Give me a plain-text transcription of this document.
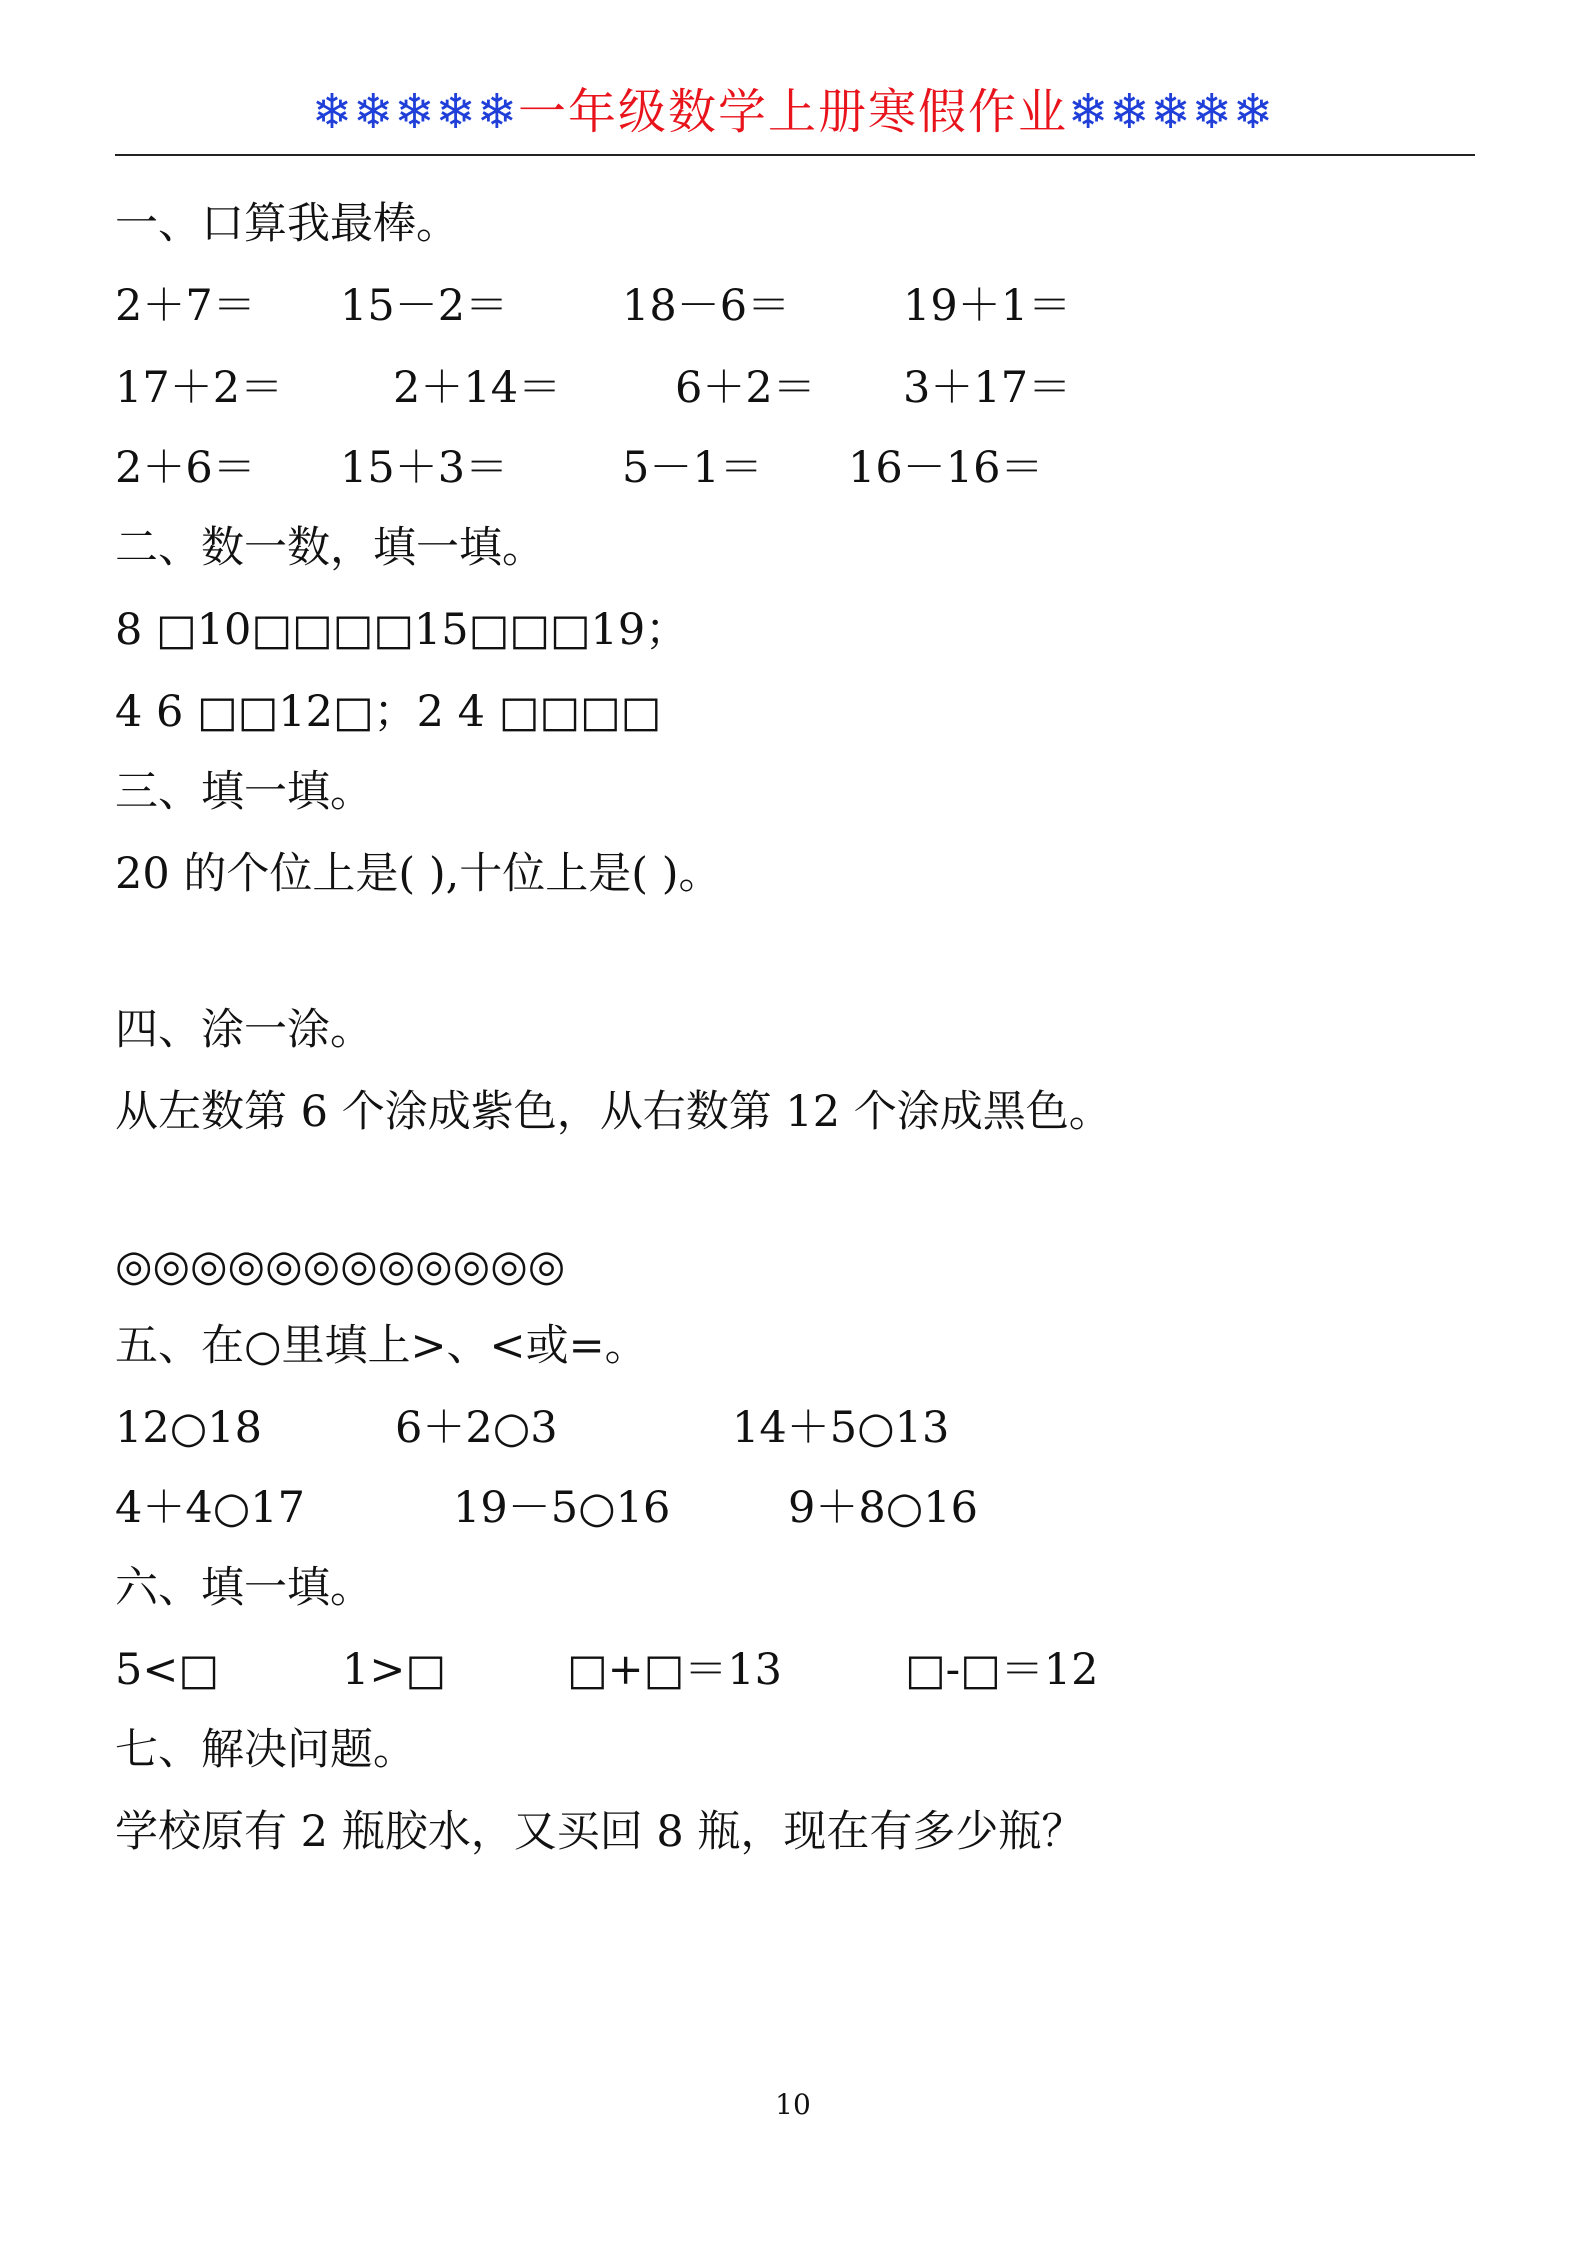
❄❄❄❄❄一年级数学上册寒假作业❄❄❄❄❄
一、口算我最棒。
2＋7＝ 15－2＝	18－6＝	19＋1＝
17＋2＝	2＋14＝	6＋2＝ 3＋17＝
2＋6＝ 15＋3＝	5－1＝ 16－16＝
二、数一数，填一填。
8 □10□□□□15□□□19；
4 6 □□12□；2 4 □□□□
三、填一填。
20 的个位上是( ),十位上是( )。
四、涂一涂。
从左数第 6 个涂成紫色，从右数第 12 个涂成黑色。
◎◎◎◎◎◎◎◎◎◎◎◎
五、在○里填上>、<或=。
12○18	6＋2○3	14＋5○13
4＋4○17	19－5○16	9＋8○16
六、填一填。
5<□	1>□	□+□＝13	□-□＝12
七、解决问题。
学校原有 2 瓶胶水，又买回 8 瓶，现在有多少瓶？
10
